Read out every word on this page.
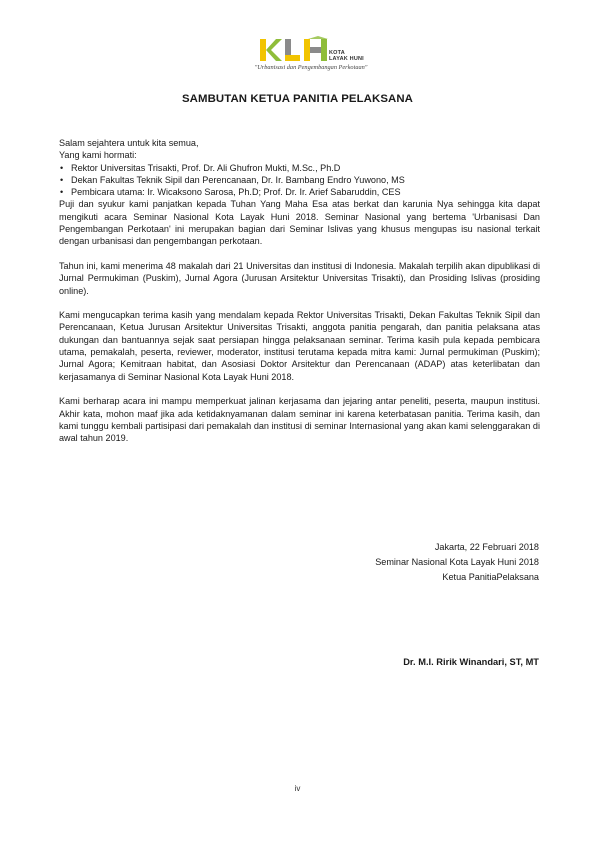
KOTA
LAYAK HUNI
"Urbanisasi dan Pengembangan Perkotaan"
SAMBUTAN KETUA PANITIA PELAKSANA

Salam sejahtera untuk kita semua,

Yang kami hormati:

• Rektor Universitas Trisakti, Prof. Dr. Ali Ghufron Mukti, M.Sc., Ph.D
• Dekan Fakultas Teknik Sipil dan Perencanaan, Dr. Ir. Bambang Endro Yuwono, MS
• Pembicara utama: Ir. Wicaksono Sarosa, Ph.D; Prof. Dr. Ir. Arief Sabaruddin, CES

Puji dan syukur kami panjatkan kepada Tuhan Yang Maha Esa atas berkat dan karunia Nya sehingga kita dapat mengikuti acara Seminar Nasional Kota Layak Huni 2018. Seminar Nasional yang bertema 'Urbanisasi Dan Pengembangan Perkotaan' ini merupakan bagian dari Seminar Islivas yang khusus mengupas isu nasional terkait dengan urbanisasi dan pengembangan perkotaan.

Tahun ini, kami menerima 48 makalah dari 21 Universitas dan institusi di Indonesia. Makalah terpilih akan dipublikasi di Jurnal Permukiman (Puskim), Jurnal Agora (Jurusan Arsitektur Universitas Trisakti), dan Prosiding Islivas (prosiding online).

Kami mengucapkan terima kasih yang mendalam kepada Rektor Universitas Trisakti, Dekan Fakultas Teknik Sipil dan Perencanaan, Ketua Jurusan Arsitektur Universitas Trisakti, anggota panitia pengarah, dan panitia pelaksana atas dukungan dan bantuannya sejak saat persiapan hingga pelaksanaan seminar. Terima kasih pula kepada pembicara utama, pemakalah, peserta, reviewer, moderator, institusi terutama kepada mitra kami: Jurnal permukiman (Puskim); Jurnal Agora; Kemitraan habitat, dan Asosiasi Doktor Arsitektur dan Perencanaan (ADAP) atas keterlibatan dan kerjasamanya di Seminar Nasional Kota Layak Huni 2018.

Kami berharap acara ini mampu memperkuat jalinan kerjasama dan jejaring antar peneliti, peserta, maupun institusi. Akhir kata, mohon maaf jika ada ketidaknyamanan dalam seminar ini karena keterbatasan panitia. Terima kasih, dan kami tunggu kembali partisipasi dari pemakalah dan institusi di seminar Internasional yang akan kami selenggarakan di awal tahun 2019.

Jakarta, 22 Februari 2018
Seminar Nasional Kota Layak Huni 2018
Ketua PanitiaPelaksana
Dr. M.I. Ririk Winandari, ST, MT
iv
